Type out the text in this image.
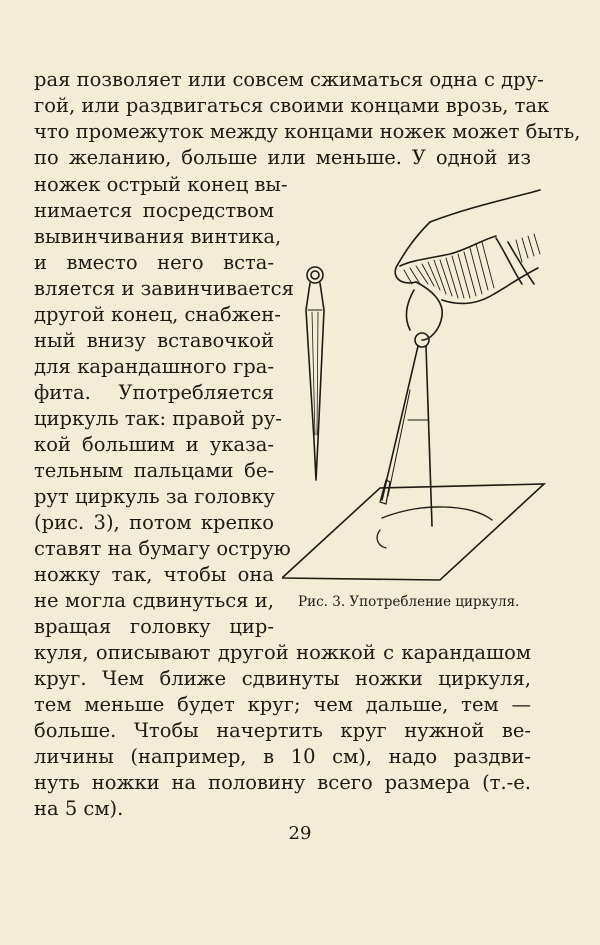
рая позволяет или совсем сжиматься одна с дру-
гой, или раздвигаться своими концами врозь, так
что промежуток между концами ножек может быть,
по желанию, больше или меньше. У одной из
ножек острый конец вы-
нимается посредством
вывинчивания винтика,
и вместо него вста-
вляется и завинчивается
другой конец, снабжен-
ный внизу вставочкой
для карандашного гра-
фита. Употребляется
циркуль так: правой ру-
кой большим и указа-
тельным пальцами бе-
рут циркуль за головку
(рис. 3), потом крепко
ставят на бумагу острую
ножку так, чтобы она
не могла сдвинуться и,
вращая головку цир-
куля, описывают другой ножкой с карандашом
круг. Чем ближе сдвинуты ножки циркуля,
тем меньше будет круг; чем дальше, тем —
больше. Чтобы начертить круг нужной ве-
личины (например, в 10 см), надо раздви-
нуть ножки на половину всего размера (т.-е.
на 5 см).
Рис. 3. Употребление циркуля.
29
